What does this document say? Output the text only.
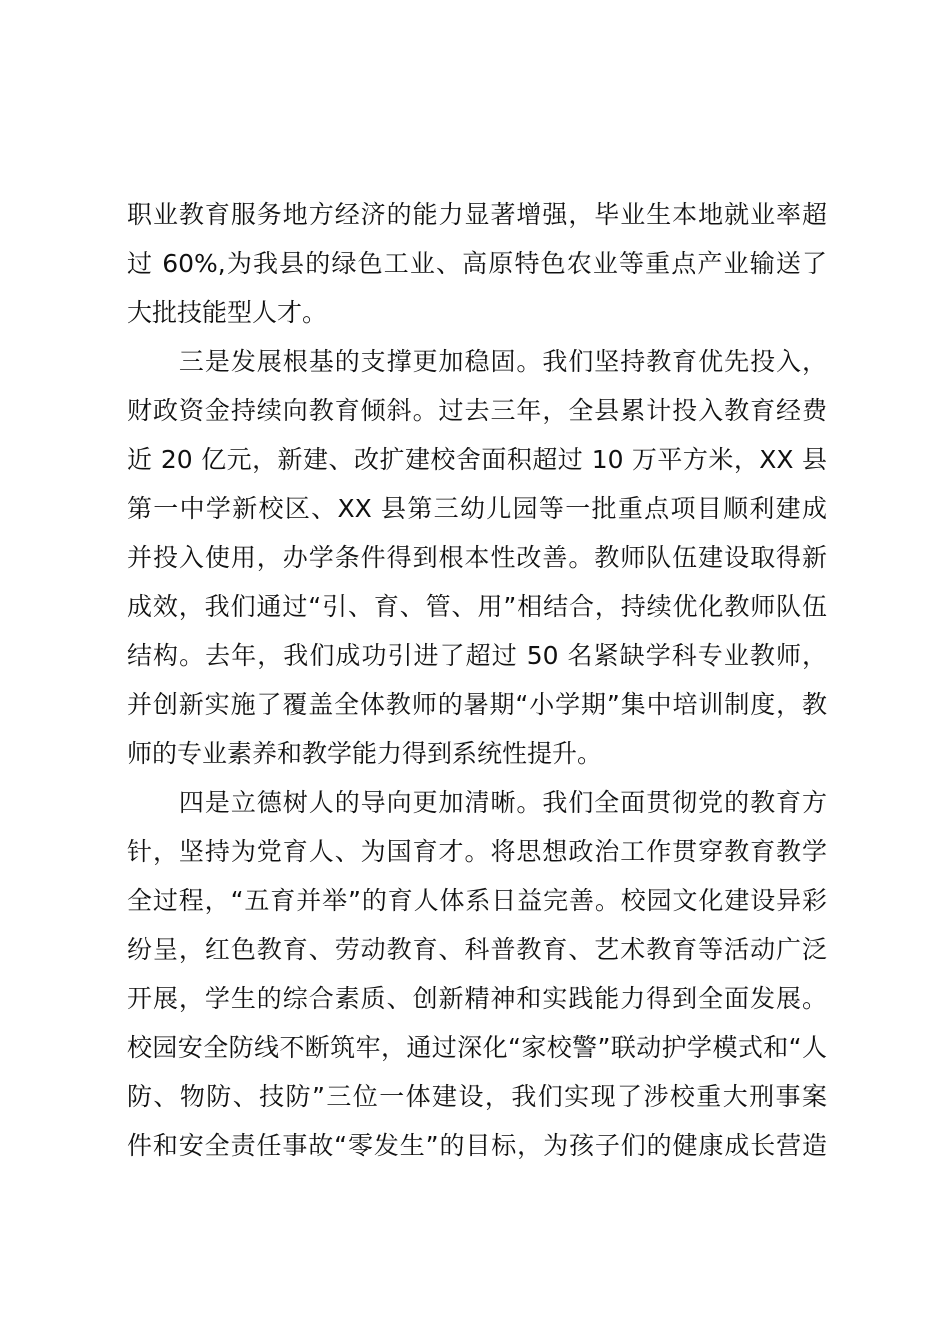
职业教育服务地方经济的能力显著增强，毕业生本地就业率超
过 60%,为我县的绿色工业、高原特色农业等重点产业输送了
大批技能型人才。
　　三是发展根基的支撑更加稳固。我们坚持教育优先投入，
财政资金持续向教育倾斜。过去三年，全县累计投入教育经费
近 20 亿元，新建、改扩建校舍面积超过 10 万平方米，XX 县
第一中学新校区、XX 县第三幼儿园等一批重点项目顺利建成
并投入使用，办学条件得到根本性改善。教师队伍建设取得新
成效，我们通过“引、育、管、用”相结合，持续优化教师队伍
结构。去年，我们成功引进了超过 50 名紧缺学科专业教师，
并创新实施了覆盖全体教师的暑期“小学期”集中培训制度，教
师的专业素养和教学能力得到系统性提升。
　　四是立德树人的导向更加清晰。我们全面贯彻党的教育方
针，坚持为党育人、为国育才。将思想政治工作贯穿教育教学
全过程，“五育并举”的育人体系日益完善。校园文化建设异彩
纷呈，红色教育、劳动教育、科普教育、艺术教育等活动广泛
开展，学生的综合素质、创新精神和实践能力得到全面发展。
校园安全防线不断筑牢，通过深化“家校警”联动护学模式和“人
防、物防、技防”三位一体建设，我们实现了涉校重大刑事案
件和安全责任事故“零发生”的目标，为孩子们的健康成长营造
